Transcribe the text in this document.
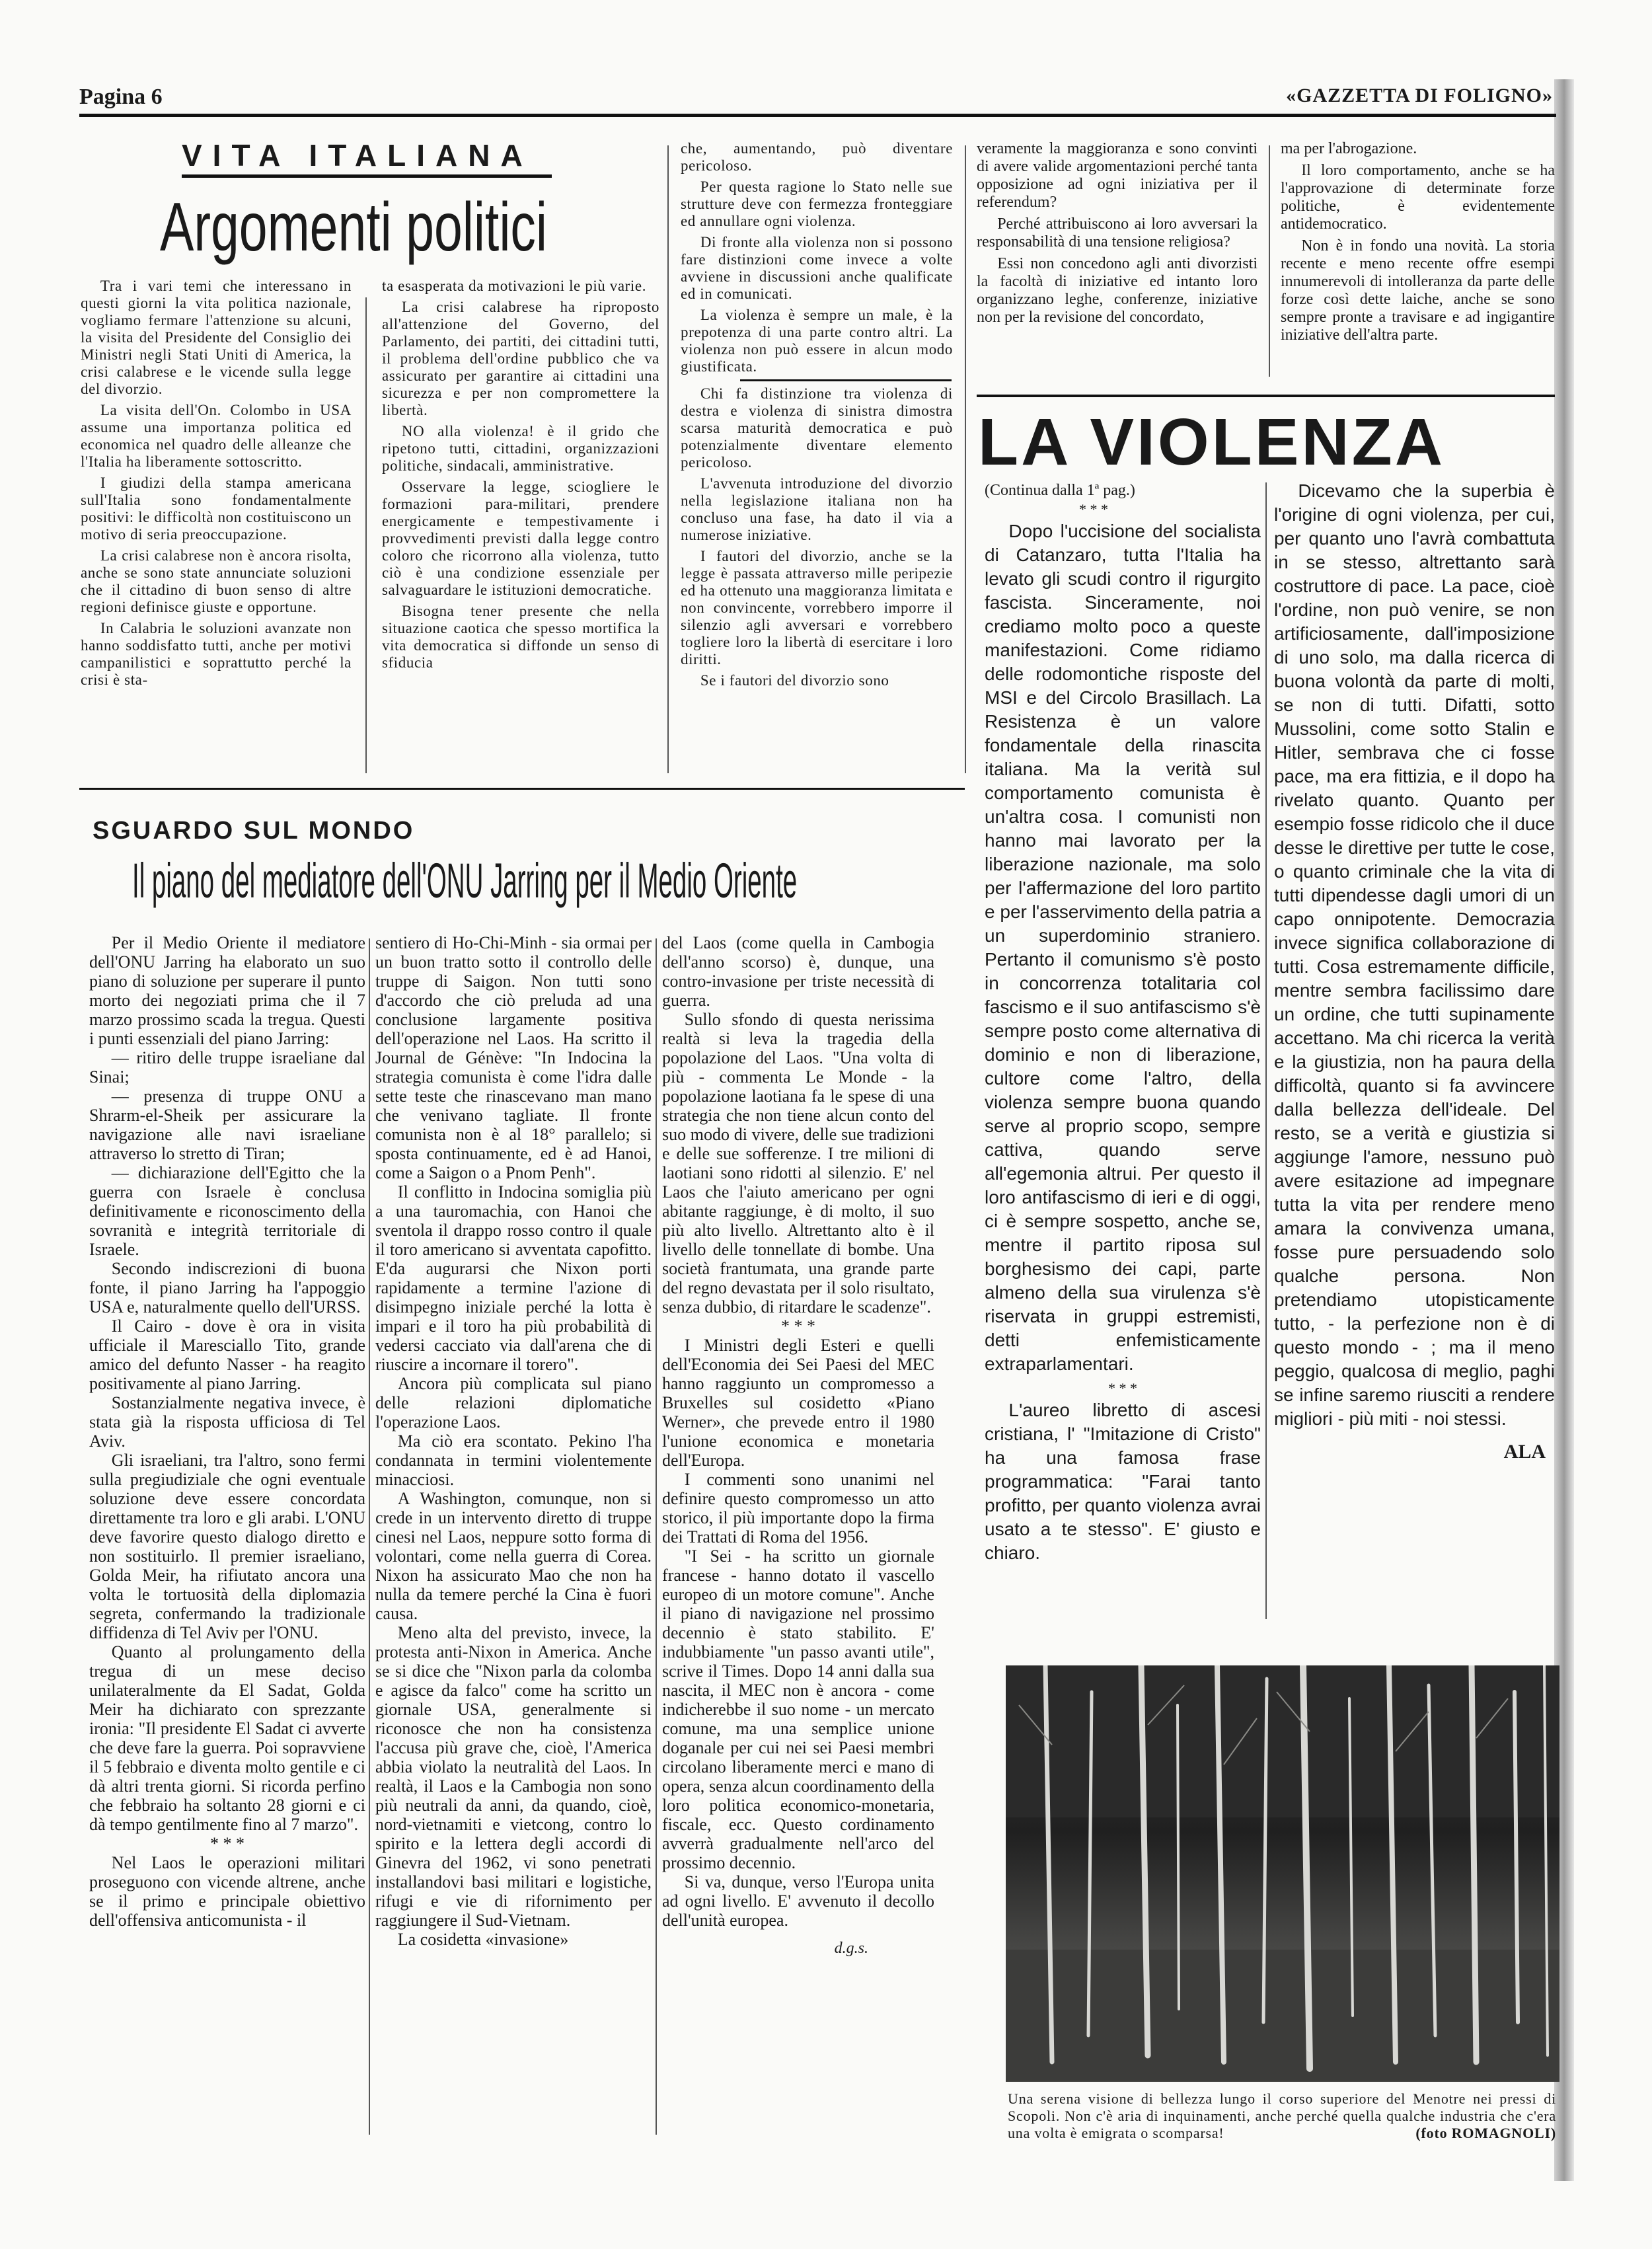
Pagina 6	«GAZZETTA DI FOLIGNO»
VITA ITALIANA
Argomenti politici

Tra i vari temi che interessano in questi giorni la vita politica nazionale, vogliamo fermare l'attenzione su alcuni, la visita del Presidente del Consiglio dei Ministri negli Stati Uniti di America, la crisi calabrese e le vicende sulla legge del divorzio.

La visita dell'On. Colombo in USA assume una importanza politica ed economica nel quadro delle alleanze che l'Italia ha liberamente sottoscritto.

I giudizi della stampa americana sull'Italia sono fondamentalmente positivi: le difficoltà non costituiscono un motivo di seria preoccupazione.

La crisi calabrese non è ancora risolta, anche se sono state annunciate soluzioni che il cittadino di buon senso di altre regioni definisce giuste e opportune.

In Calabria le soluzioni avanzate non hanno soddisfatto tutti, anche per motivi campanilistici e soprattutto perché la crisi è sta-

ta esasperata da motivazioni le più varie.

La crisi calabrese ha riproposto all'attenzione del Governo, del Parlamento, dei partiti, dei cittadini tutti, il problema dell'ordine pubblico che va assicurato per garantire ai cittadini una sicurezza e per non compromettere la libertà.

NO alla violenza! è il grido che ripetono tutti, cittadini, organizzazioni politiche, sindacali, amministrative.

Osservare la legge, sciogliere le formazioni para-militari, prendere energicamente e tempestivamente i provvedimenti previsti dalla legge contro coloro che ricorrono alla violenza, tutto ciò è una condizione essenziale per salvaguardare le istituzioni democratiche.

Bisogna tener presente che nella situazione caotica che spesso mortifica la vita democratica si diffonde un senso di sfiducia

che, aumentando, può diventare pericoloso.

Per questa ragione lo Stato nelle sue strutture deve con fermezza fronteggiare ed annullare ogni violenza.

Di fronte alla violenza non si possono fare distinzioni come invece a volte avviene in discussioni anche qualificate ed in comunicati.

La violenza è sempre un male, è la prepotenza di una parte contro altri. La violenza non può essere in alcun modo giustificata.

Chi fa distinzione tra violenza di destra e violenza di sinistra dimostra scarsa maturità democratica e può potenzialmente diventare elemento pericoloso.

L'avvenuta introduzione del divorzio nella legislazione italiana non ha concluso una fase, ha dato il via a numerose iniziative.

I fautori del divorzio, anche se la legge è passata attraverso mille peripezie ed ha ottenuto una maggioranza limitata e non convincente, vorrebbero imporre il silenzio agli avversari e vorrebbero togliere loro la libertà di esercitare i loro diritti.

Se i fautori del divorzio sono

veramente la maggioranza e sono convinti di avere valide argomentazioni perché tanta opposizione ad ogni iniziativa per il referendum?

Perché attribuiscono ai loro avversari la responsabilità di una tensione religiosa?

Essi non concedono agli anti divorzisti la facoltà di iniziative ed intanto loro organizzano leghe, conferenze, iniziative non per la revisione del concordato,

ma per l'abrogazione.

Il loro comportamento, anche se ha l'approvazione di determinate forze politiche, è evidentemente antidemocratico.

Non è in fondo una novità. La storia recente e meno recente offre esempi innumerevoli di intolleranza da parte delle forze così dette laiche, anche se sono sempre pronte a travisare e ad ingigantire iniziative dell'altra parte.

LA VIOLENZA
(Continua dalla 1ª pag.)
* * *

Dopo l'uccisione del socialista di Catanzaro, tutta l'Italia ha levato gli scudi contro il rigurgito fascista. Sinceramente, noi crediamo molto poco a queste manifestazioni. Come ridiamo delle rodomontiche risposte del MSI e del Circolo Brasillach. La Resistenza è un valore fondamentale della rinascita italiana. Ma la verità sul comportamento comunista è un'altra cosa. I comunisti non hanno mai lavorato per la liberazione nazionale, ma solo per l'affermazione del loro partito e per l'asservimento della patria a un superdominio straniero. Pertanto il comunismo s'è posto in concorrenza totalitaria col fascismo e il suo antifascismo s'è sempre posto come alternativa di dominio e non di liberazione, cultore come l'altro, della violenza sempre buona quando serve al proprio scopo, sempre cattiva, quando serve all'egemonia altrui. Per questo il loro antifascismo di ieri e di oggi, ci è sempre sospetto, anche se, mentre il partito riposa sul borghesismo dei capi, parte almeno della sua virulenza s'è riservata in gruppi estremisti, detti enfemisticamente extraparlamentari.

* * *

L'aureo libretto di ascesi cristiana, l' "Imitazione di Cristo" ha una famosa frase programmatica: "Farai tanto profitto, per quanto violenza avrai usato a te stesso". E' giusto e chiaro.

Dicevamo che la superbia è l'origine di ogni violenza, per cui, per quanto uno l'avrà combattuta in se stesso, altrettanto sarà costruttore di pace. La pace, cioè l'ordine, non può venire, se non artificiosamente, dall'imposizione di uno solo, ma dalla ricerca di buona volontà da parte di molti, se non di tutti. Difatti, sotto Mussolini, come sotto Stalin e Hitler, sembrava che ci fosse pace, ma era fittizia, e il dopo ha rivelato quanto. Quanto per esempio fosse ridicolo che il duce desse le direttive per tutte le cose, o quanto criminale che la vita di tutti dipendesse dagli umori di un capo onnipotente. Democrazia invece significa collaborazione di tutti. Cosa estremamente difficile, mentre sembra facilissimo dare un ordine, che tutti supinamente accettano. Ma chi ricerca la verità e la giustizia, non ha paura della difficoltà, quanto si fa avvincere dalla bellezza dell'ideale. Del resto, se a verità e giustizia si aggiunge l'amore, nessuno può avere esitazione ad impegnare tutta la vita per rendere meno amara la convivenza umana, fosse pure persuadendo solo qualche persona. Non pretendiamo utopisticamente tutto, - la perfezione non è di questo mondo - ; ma il meno peggio, qualcosa di meglio, paghi se infine saremo riusciti a rendere migliori - più miti - noi stessi.

ALA
SGUARDO SUL MONDO
Il piano del mediatore dell'ONU Jarring per il Medio Oriente

Per il Medio Oriente il mediatore dell'ONU Jarring ha elaborato un suo piano di soluzione per superare il punto morto dei negoziati prima che il 7 marzo prossimo scada la tregua. Questi i punti essenziali del piano Jarring:

— ritiro delle truppe israeliane dal Sinai;

— presenza di truppe ONU a Shrarm-el-Sheik per assicurare la navigazione alle navi israeliane attraverso lo stretto di Tiran;

— dichiarazione dell'Egitto che la guerra con Israele è conclusa definitivamente e riconoscimento della sovranità e integrità territoriale di Israele.

Secondo indiscrezioni di buona fonte, il piano Jarring ha l'appoggio USA e, naturalmente quello dell'URSS.

Il Cairo - dove è ora in visita ufficiale il Maresciallo Tito, grande amico del defunto Nasser - ha reagito positivamente al piano Jarring.

Sostanzialmente negativa invece, è stata già la risposta ufficiosa di Tel Aviv.

Gli israeliani, tra l'altro, sono fermi sulla pregiudiziale che ogni eventuale soluzione deve essere concordata direttamente tra loro e gli arabi. L'ONU deve favorire questo dialogo diretto e non sostituirlo. Il premier israeliano, Golda Meir, ha rifiutato ancora una volta le tortuosità della diplomazia segreta, confermando la tradizionale diffidenza di Tel Aviv per l'ONU.

Quanto al prolungamento della tregua di un mese deciso unilateralmente da El Sadat, Golda Meir ha dichiarato con sprezzante ironia: "Il presidente El Sadat ci avverte che deve fare la guerra. Poi sopravviene il 5 febbraio e diventa molto gentile e ci dà altri trenta giorni. Si ricorda perfino che febbraio ha soltanto 28 giorni e ci dà tempo gentilmente fino al 7 marzo".

* * *

Nel Laos le operazioni militari proseguono con vicende altrene, anche se il primo e principale obiettivo dell'offensiva anticomunista - il

sentiero di Ho-Chi-Minh - sia ormai per un buon tratto sotto il controllo delle truppe di Saigon. Non tutti sono d'accordo che ciò preluda ad una conclusione largamente positiva dell'operazione nel Laos. Ha scritto il Journal de Génève: "In Indocina la strategia comunista è come l'idra dalle sette teste che rinascevano man mano che venivano tagliate. Il fronte comunista non è al 18° parallelo; si sposta continuamente, ed è ad Hanoi, come a Saigon o a Pnom Penh".

Il conflitto in Indocina somiglia più a una tauromachia, con Hanoi che sventola il drappo rosso contro il quale il toro americano si avventata capofitto. E'da augurarsi che Nixon porti rapidamente a termine l'azione di disimpegno iniziale perché la lotta è impari e il toro ha più probabilità di vedersi cacciato via dall'arena che di riuscire a incornare il torero".

Ancora più complicata sul piano delle relazioni diplomatiche l'operazione Laos.

Ma ciò era scontato. Pekino l'ha condannata in termini violentemente minacciosi.

A Washington, comunque, non si crede in un intervento diretto di truppe cinesi nel Laos, neppure sotto forma di volontari, come nella guerra di Corea. Nixon ha assicurato Mao che non ha nulla da temere perché la Cina è fuori causa.

Meno alta del previsto, invece, la protesta anti-Nixon in America. Anche se si dice che "Nixon parla da colomba e agisce da falco" come ha scritto un giornale USA, generalmente si riconosce che non ha consistenza l'accusa più grave che, cioè, l'America abbia violato la neutralità del Laos. In realtà, il Laos e la Cambogia non sono più neutrali da anni, da quando, cioè, nord-vietnamiti e vietcong, contro lo spirito e la lettera degli accordi di Ginevra del 1962, vi sono penetrati installandovi basi militari e logistiche, rifugi e vie di rifornimento per raggiungere il Sud-Vietnam.

La cosidetta «invasione»

del Laos (come quella in Cambogia dell'anno scorso) è, dunque, una contro-invasione per triste necessità di guerra.

Sullo sfondo di questa nerissima realtà si leva la tragedia della popolazione del Laos. "Una volta di più - commenta Le Monde - la popolazione laotiana fa le spese di una strategia che non tiene alcun conto del suo modo di vivere, delle sue tradizioni e delle sue sofferenze. I tre milioni di laotiani sono ridotti al silenzio. E' nel Laos che l'aiuto americano per ogni abitante raggiunge, è di molto, il suo più alto livello. Altrettanto alto è il livello delle tonnellate di bombe. Una società frantumata, una grande parte del regno devastata per il solo risultato, senza dubbio, di ritardare le scadenze".

* * *

I Ministri degli Esteri e quelli dell'Economia dei Sei Paesi del MEC hanno raggiunto un compromesso a Bruxelles sul cosidetto «Piano Werner», che prevede entro il 1980 l'unione economica e monetaria dell'Europa.

I commenti sono unanimi nel definire questo compromesso un atto storico, il più importante dopo la firma dei Trattati di Roma del 1956.

"I Sei - ha scritto un giornale francese - hanno dotato il vascello europeo di un motore comune". Anche il piano di navigazione nel prossimo decennio è stato stabilito. E' indubbiamente "un passo avanti utile", scrive il Times. Dopo 14 anni dalla sua nascita, il MEC non è ancora - come indicherebbe il suo nome - un mercato comune, ma una semplice unione doganale per cui nei sei Paesi membri circolano liberamente merci e mano di opera, senza alcun coordinamento della loro politica economico-monetaria, fiscale, ecc. Questo cordinamento avverrà gradualmente nell'arco del prossimo decennio.

Si va, dunque, verso l'Europa unita ad ogni livello. E' avvenuto il decollo dell'unità europea.

d.g.s.
Una serena visione di bellezza lungo il corso superiore del Menotre nei pressi di Scopoli. Non c'è aria di inquinamenti, anche perché quella qualche industria che c'era una volta è emigrata o scomparsa!	(foto ROMAGNOLI)
